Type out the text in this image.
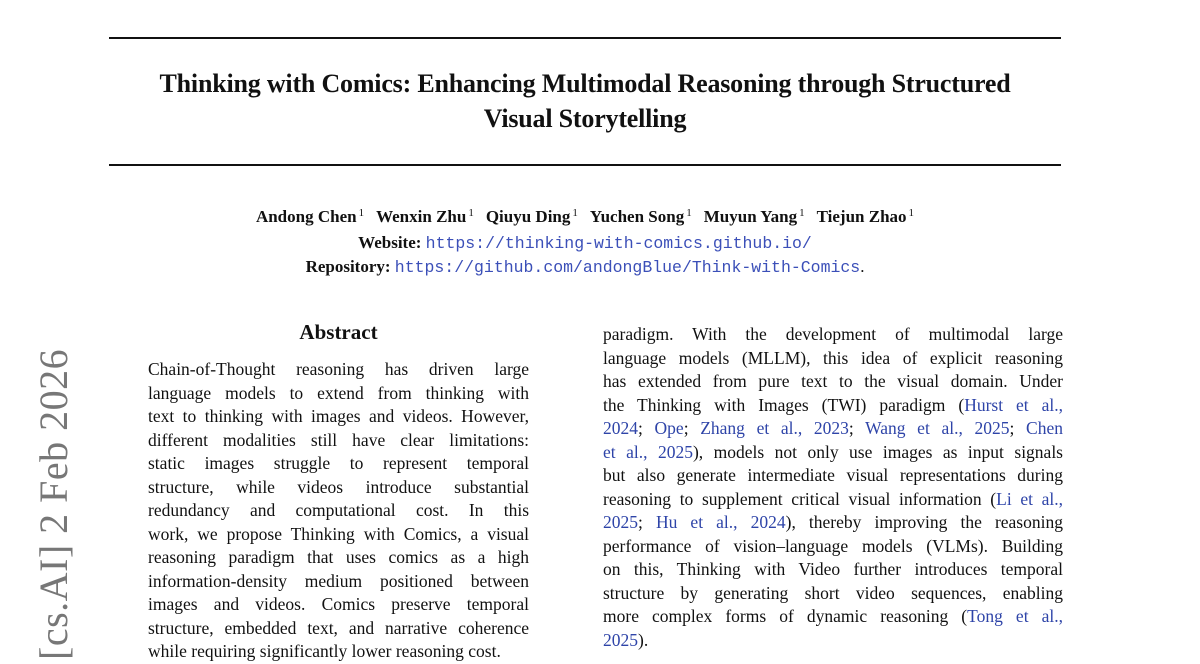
Thinking with Comics: Enhancing Multimodal Reasoning through Structured
Visual Storytelling
Andong Chen $^1$ Wenxin Zhu $^1$ Qiuyu Ding $^1$ Yuchen Song $^1$ Muyun Yang $^1$ Tiejun Zhao $^1$
Website: https://thinking-with-comics.github.io/
Repository: https://github.com/andongBlue/Think-with-Comics.
[cs.AI] 2 Feb 2026
Abstract
Chain-of-Thought reasoning has driven large
language models to extend from thinking with
text to thinking with images and videos. However,
different modalities still have clear limitations:
static images struggle to represent temporal
structure, while videos introduce substantial
redundancy and computational cost. In this
work, we propose Thinking with Comics, a visual
reasoning paradigm that uses comics as a high
information-density medium positioned between
images and videos. Comics preserve temporal
structure, embedded text, and narrative coherence
while requiring significantly lower reasoning cost.
paradigm. With the development of multimodal large
language models (MLLM), this idea of explicit reasoning
has extended from pure text to the visual domain. Under
the Thinking with Images (TWI) paradigm (Hurst et al.,
2024; Ope; Zhang et al., 2023; Wang et al., 2025; Chen
et al., 2025), models not only use images as input signals
but also generate intermediate visual representations during
reasoning to supplement critical visual information (Li et al.,
2025; Hu et al., 2024), thereby improving the reasoning
performance of vision–language models (VLMs). Building
on this, Thinking with Video further introduces temporal
structure by generating short video sequences, enabling
more complex forms of dynamic reasoning (Tong et al.,
2025).
